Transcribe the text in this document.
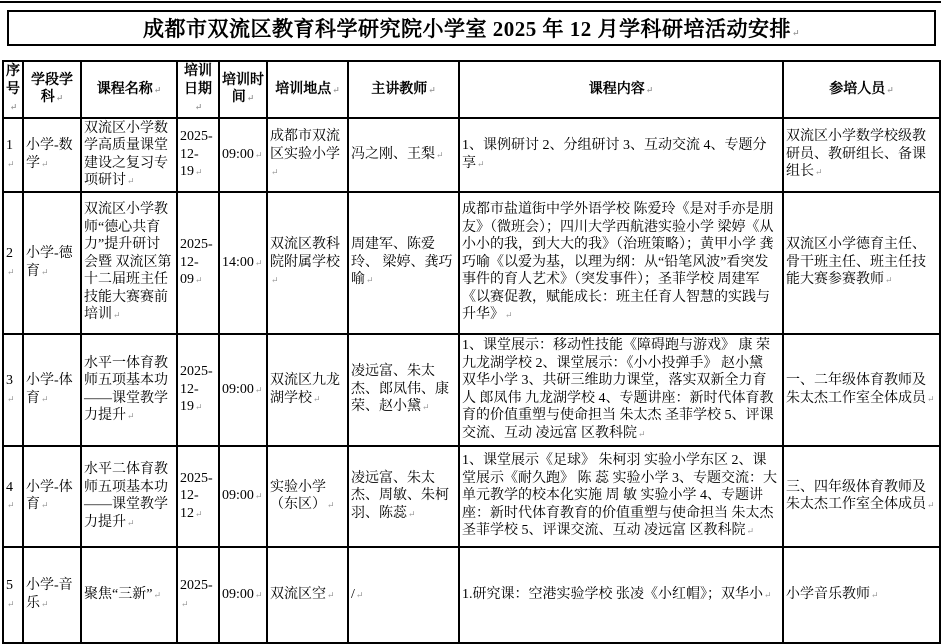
成都市双流区教育科学研究院小学室 2025 年 12 月学科研培活动安排 ↵
序号 ↵	学段学科 ↵	课程名称 ↵	培训日期 ↵	培训时间 ↵	培训地点 ↵	主讲教师 ↵	课程内容 ↵	参培人员 ↵
1 ↵	小学-数学 ↵	双流区小学数学高质量课堂建设之复习专项研讨 ↵	2025-12-19 ↵	09:00 ↵	成都市双流区实验小学 ↵	冯之刚、王梨 ↵	1、课例研讨 2、分组研讨 3、互动交流 4、专题分享 ↵	双流区小学数学校级教研员、教研组长、备课组长 ↵
2 ↵	小学-德育 ↵	双流区小学教师“德心共育力”提升研讨会暨 双流区第十二届班主任技能大赛赛前培训 ↵	2025-12-09 ↵	14:00 ↵	双流区教科院附属学校 ↵	周建军、陈爱玲、 梁婷、龚巧喻 ↵	成都市盐道街中学外语学校 陈爱玲《是对手亦是朋友》（微班会）；四川大学西航港实验小学 梁婷《从小小的我，到大大的我》（治班策略）；黄甲小学 龚巧喻《以爱为基，以理为纲：从“铅笔风波”看突发事件的育人艺术》（突发事件）；圣菲学校 周建军《以赛促教，赋能成长：班主任育人智慧的实践与升华》 ↵	双流区小学德育主任、骨干班主任、班主任技能大赛参赛教师 ↵
3 ↵	小学-体育 ↵	水平一体育教师五项基本功——课堂教学力提升 ↵	2025-12-19 ↵	09:00 ↵	双流区九龙湖学校 ↵	凌远富、朱太杰、郎凤伟、康荣、赵小黛 ↵	1、课堂展示：移动性技能《障碍跑与游戏》 康 荣 九龙湖学校 2、课堂展示：《小小投弹手》 赵小黛 双华小学 3、共研三维助力课堂，落实双新全力育人 郎凤伟 九龙湖学校 4、专题讲座：新时代体育教育的价值重塑与使命担当 朱太杰 圣菲学校 5、评课交流、互动 凌远富 区教科院 ↵	一、二年级体育教师及朱太杰工作室全体成员 ↵
4 ↵	小学-体育 ↵	水平二体育教师五项基本功——课堂教学力提升 ↵	2025-12-12 ↵	09:00 ↵	实验小学（东区） ↵	凌远富、朱太杰、周敏、朱柯羽、陈蕊 ↵	1、课堂展示《足球》 朱柯羽 实验小学东区 2、课堂展示《耐久跑》 陈 蕊 实验小学 3、专题交流：大单元教学的校本化实施 周 敏 实验小学 4、专题讲座：新时代体育教育的价值重塑与使命担当 朱太杰 圣菲学校 5、评课交流、互动 凌远富 区教科院 ↵	三、四年级体育教师及朱太杰工作室全体成员 ↵
5 ↵	小学-音乐 ↵	聚焦“三新” ↵	2025- ↵	09:00 ↵	双流区空 ↵	/ ↵	1.研究课：空港实验学校 张凌《小红帽》；双华小 ↵	小学音乐教师 ↵
